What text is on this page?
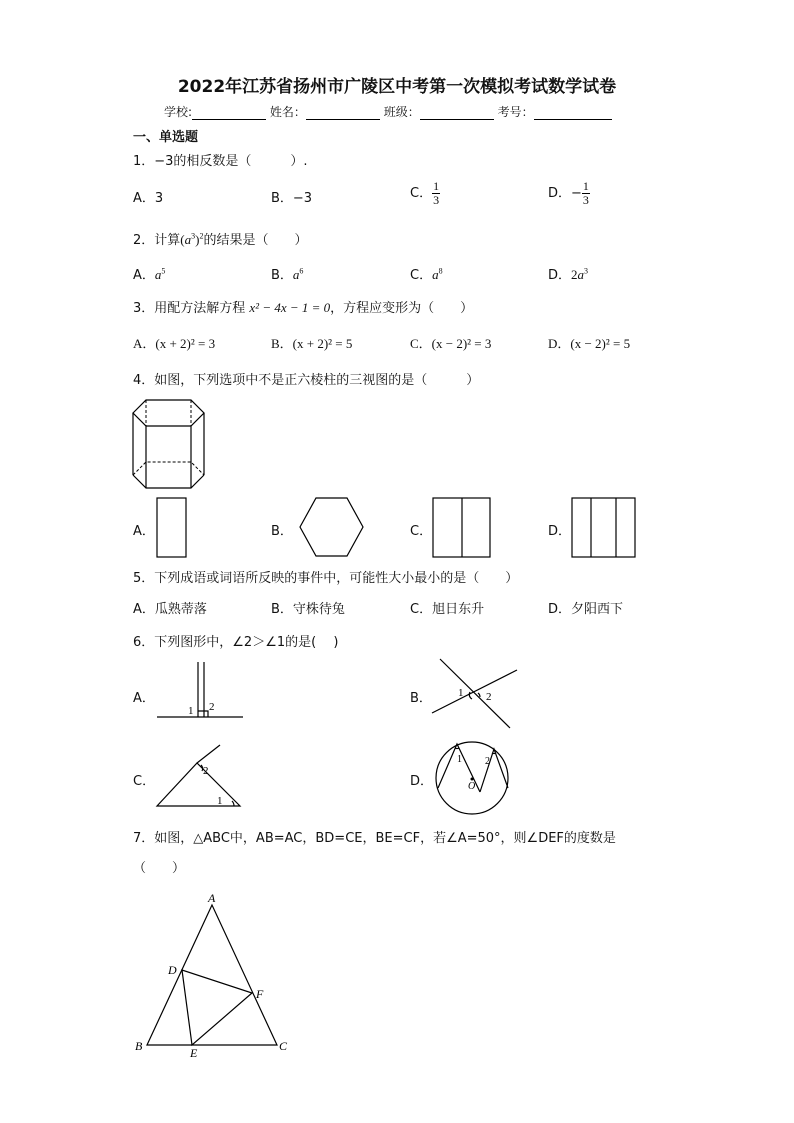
2022年江苏省扬州市广陵区中考第一次模拟考试数学试卷
学校:	姓名：	班级：	考号：
一、单选题
1．−3的相反数是（　　　）.
A．3	B．−3	C． $\frac{1}{3}$	D．− $\frac{1}{3}$
2．计算$(a^3)^2$的结果是（　　）
A．$a^5$	B．$a^6$	C．$a^8$	D．$2a^3$
3．用配方法解方程 x² − 4x − 1 = 0，方程应变形为（　　）
A．(x + 2)² = 3	B．(x + 2)² = 5	C．(x − 2)² = 3	D．(x − 2)² = 5
4．如图，下列选项中不是正六棱柱的三视图的是（　　　）
A．	B．	C．	D．
5．下列成语或词语所反映的事件中，可能性大小最小的是（　　）
A．瓜熟蒂落	B．守株待兔	C．旭日东升	D．夕阳西下
6．下列图形中，∠2＞∠1的是(　 )
A．
1 2
B． 1 2
C．
2
1
D．
1 2
O
7．如图，△ABC中，AB=AC，BD=CE，BE=CF，若∠A=50°，则∠DEF的度数是
（　　）
A
D
F
B	E	C
